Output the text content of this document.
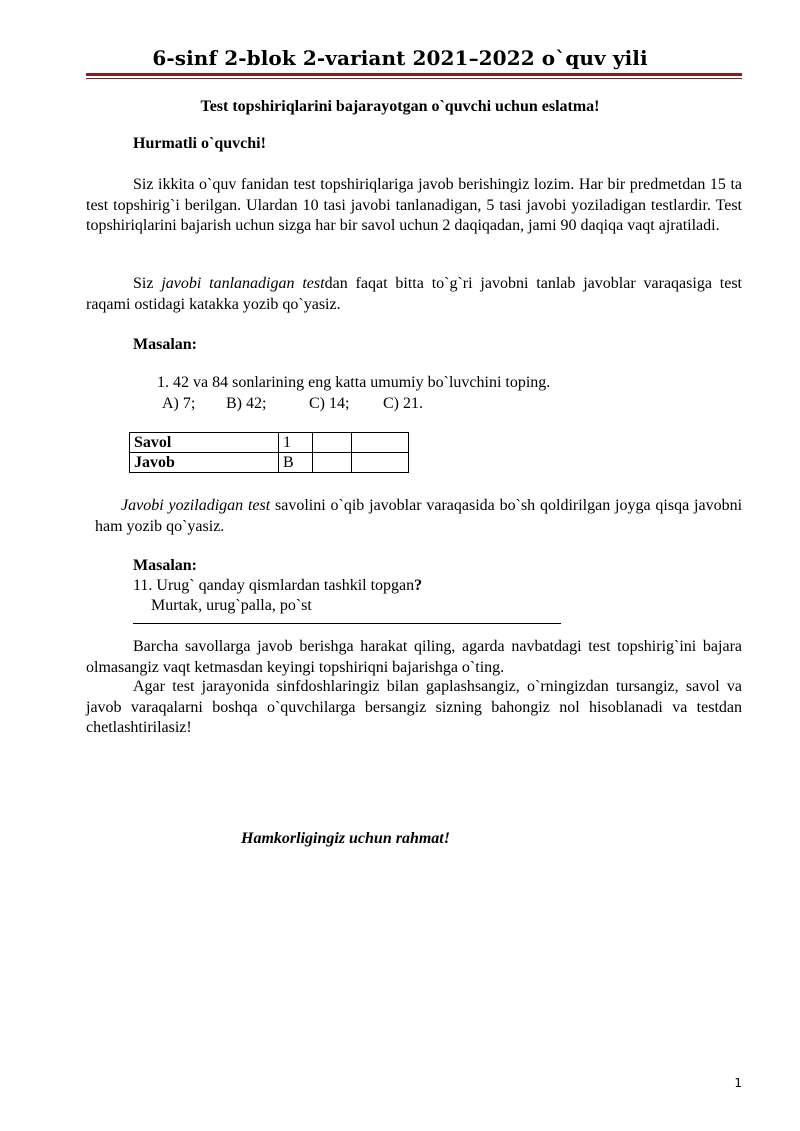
6-sinf 2-blok 2-variant 2021–2022 o`quv yili
Test topshiriqlarini bajarayotgan o`quvchi uchun eslatma!
Hurmatli o`quvchi!
Siz ikkita o`quv fanidan test topshiriqlariga javob berishingiz lozim. Har bir predmetdan 15 ta test topshirig`i berilgan. Ulardan 10 tasi javobi tanlanadigan, 5 tasi javobi yoziladigan testlardir. Test topshiriqlarini bajarish uchun sizga har bir savol uchun 2 daqiqadan, jami 90 daqiqa vaqt ajratiladi.
Siz javobi tanlanadigan testdan faqat bitta to`g`ri javobni tanlab javoblar varaqasiga test raqami ostidagi katakka yozib qo`yasiz.
Masalan:
1. 42 va 84 sonlarining eng katta umumiy bo`luvchini toping.
A) 7; B) 42;	C) 14; C) 21.
Savol	1		
Javob	B		
Javobi yoziladigan test savolini o`qib javoblar varaqasida bo`sh qoldirilgan joyga qisqa javobni ham yozib qo`yasiz.
Masalan:
11. Urug` qanday qismlardan tashkil topgan?
Murtak, urug`palla, po`st
Barcha savollarga javob berishga harakat qiling, agarda navbatdagi test topshirig`ini bajara olmasangiz vaqt ketmasdan keyingi topshiriqni bajarishga o`ting.
Agar test jarayonida sinfdoshlaringiz bilan gaplashsangiz, o`rningizdan tursangiz, savol va javob varaqalarni boshqa o`quvchilarga bersangiz sizning bahongiz nol hisoblanadi va testdan chetlashtirilasiz!
Hamkorligingiz uchun rahmat!
1
